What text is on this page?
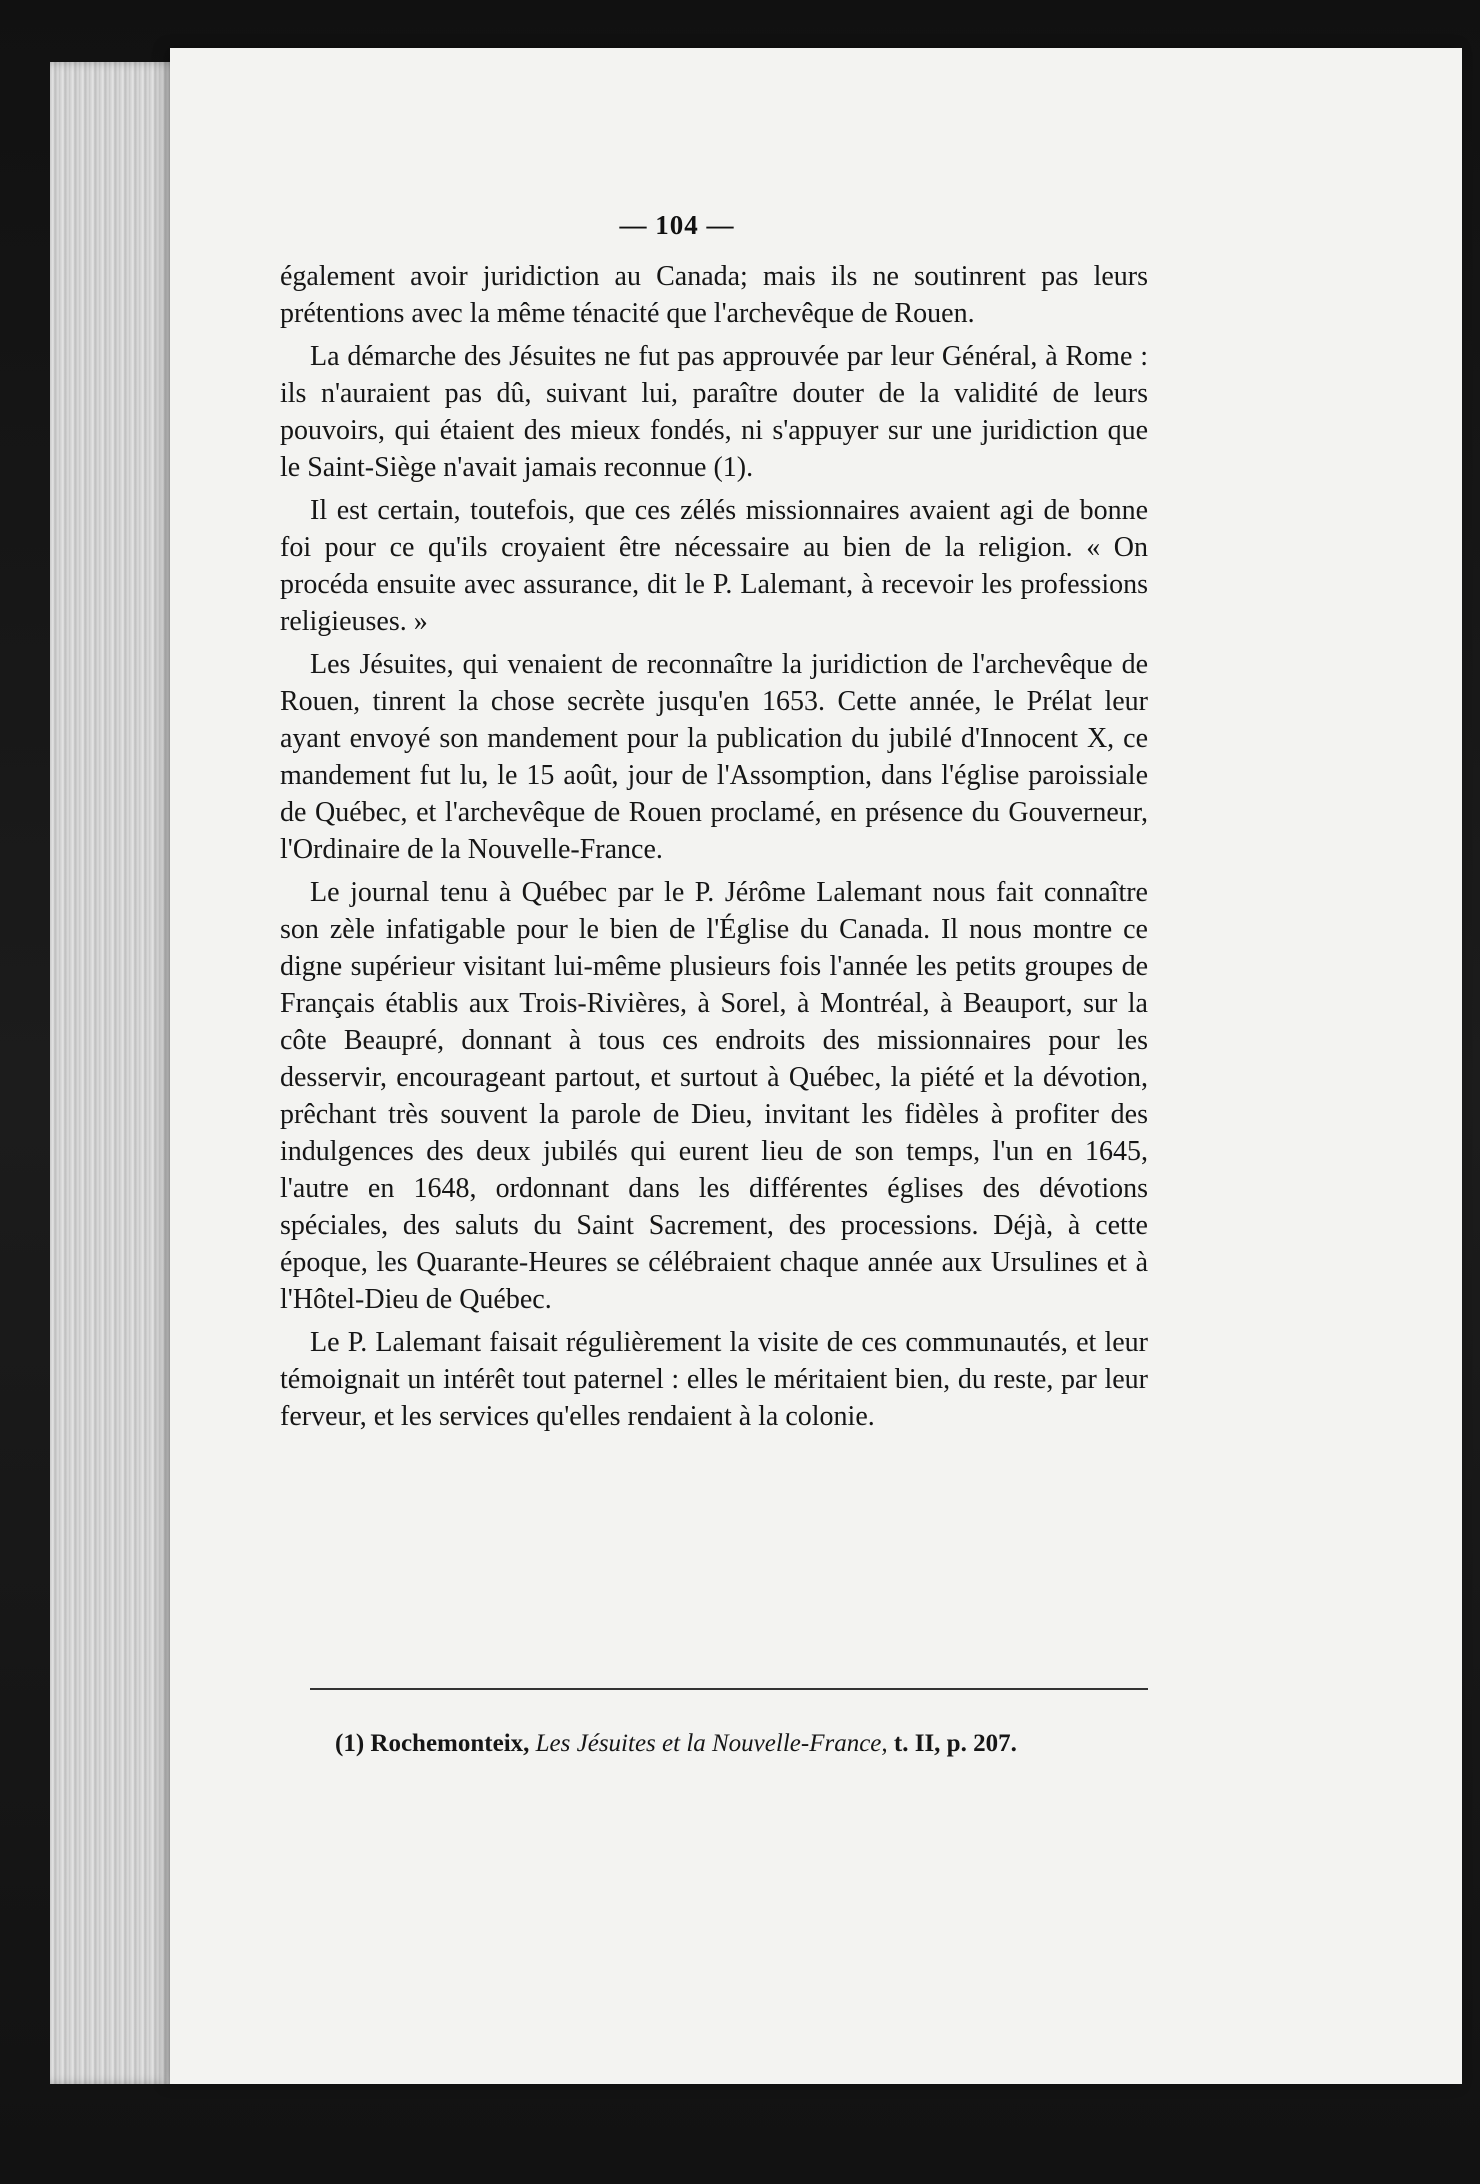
— 104 —

également avoir juridiction au Canada; mais ils ne soutinrent pas leurs prétentions avec la même ténacité que l'archevêque de Rouen.

La démarche des Jésuites ne fut pas approuvée par leur Général, à Rome : ils n'auraient pas dû, suivant lui, paraître douter de la validité de leurs pouvoirs, qui étaient des mieux fondés, ni s'appuyer sur une juridiction que le Saint-Siège n'avait jamais reconnue (1).

Il est certain, toutefois, que ces zélés missionnaires avaient agi de bonne foi pour ce qu'ils croyaient être nécessaire au bien de la religion. « On procéda ensuite avec assurance, dit le P. Lalemant, à recevoir les professions religieuses. »

Les Jésuites, qui venaient de reconnaître la juridiction de l'archevêque de Rouen, tinrent la chose secrète jusqu'en 1653. Cette année, le Prélat leur ayant envoyé son mandement pour la publication du jubilé d'Innocent X, ce mandement fut lu, le 15 août, jour de l'Assomption, dans l'église paroissiale de Québec, et l'archevêque de Rouen proclamé, en présence du Gouverneur, l'Ordinaire de la Nouvelle-France.

Le journal tenu à Québec par le P. Jérôme Lalemant nous fait connaître son zèle infatigable pour le bien de l'Église du Canada. Il nous montre ce digne supérieur visitant lui-même plusieurs fois l'année les petits groupes de Français établis aux Trois-Rivières, à Sorel, à Montréal, à Beauport, sur la côte Beaupré, donnant à tous ces endroits des missionnaires pour les desservir, encourageant partout, et surtout à Québec, la piété et la dévotion, prêchant très souvent la parole de Dieu, invitant les fidèles à profiter des indulgences des deux jubilés qui eurent lieu de son temps, l'un en 1645, l'autre en 1648, ordonnant dans les différentes églises des dévotions spéciales, des saluts du Saint Sacrement, des processions. Déjà, à cette époque, les Quarante-Heures se célébraient chaque année aux Ursulines et à l'Hôtel-Dieu de Québec.

Le P. Lalemant faisait régulièrement la visite de ces communautés, et leur témoignait un intérêt tout paternel : elles le méritaient bien, du reste, par leur ferveur, et les services qu'elles rendaient à la colonie.

(1) Rochemonteix, Les Jésuites et la Nouvelle-France, t. II, p. 207.
